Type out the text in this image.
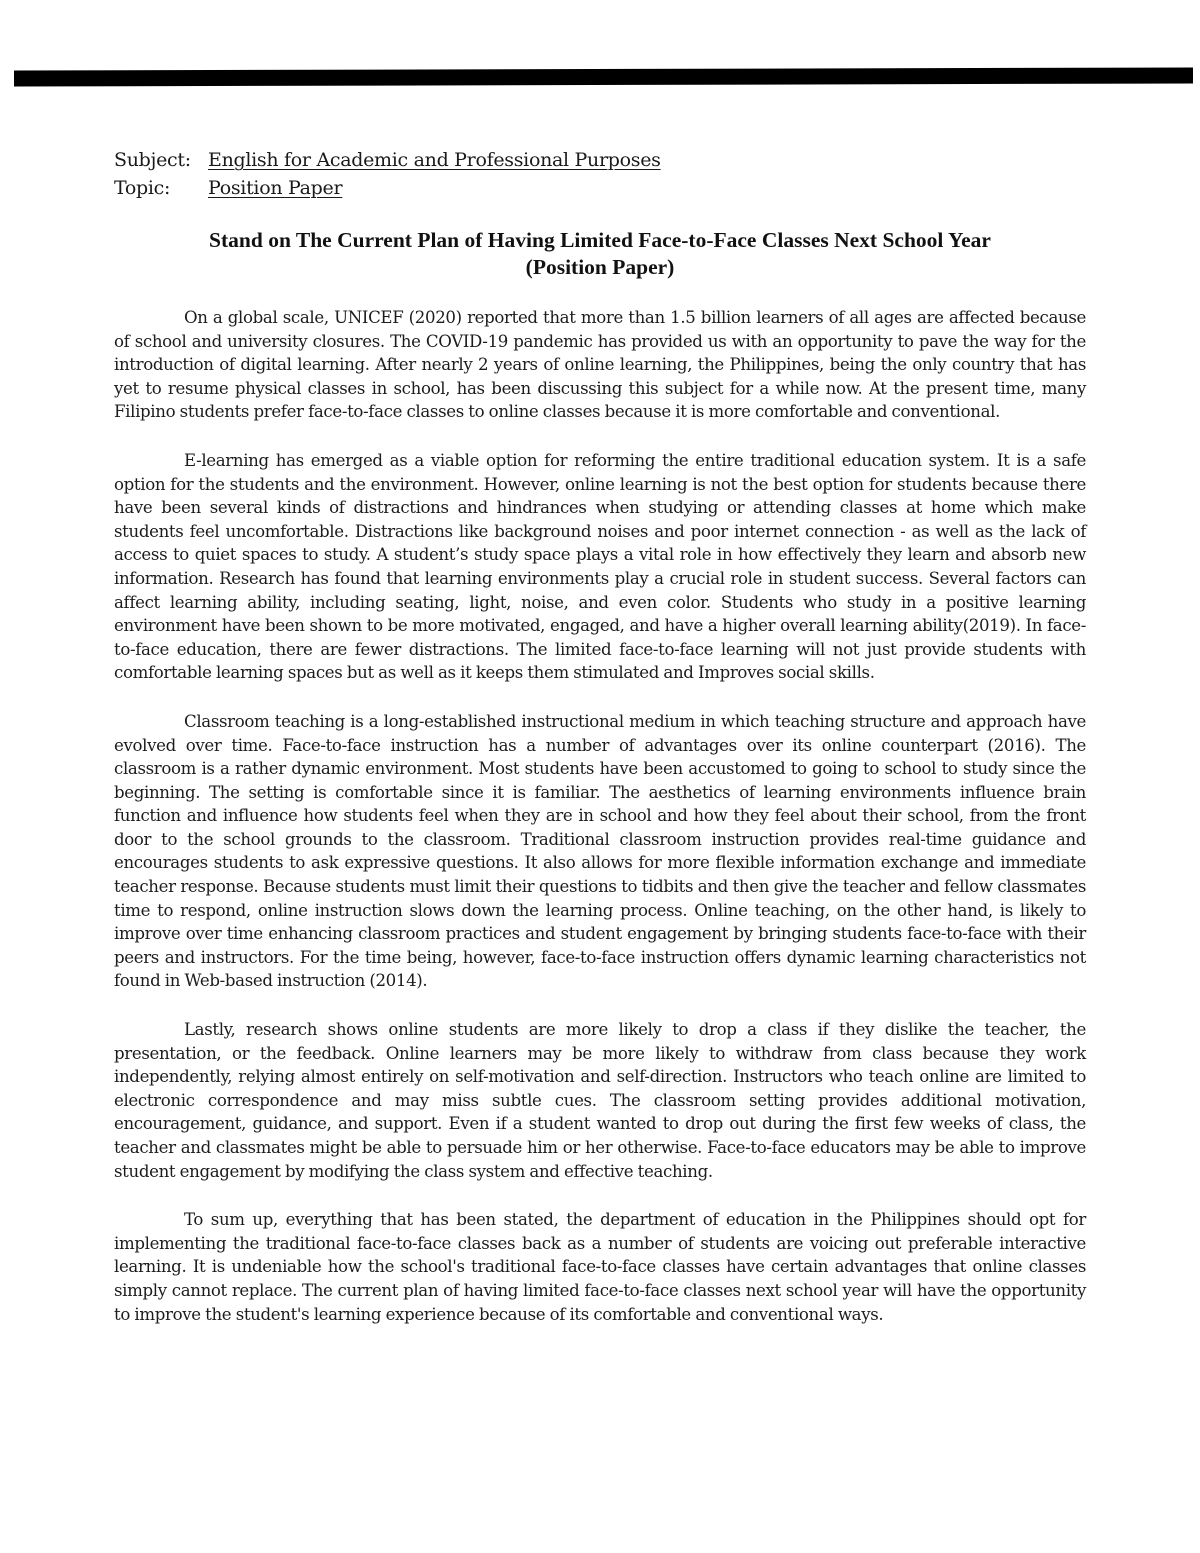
Subject: English for Academic and Professional Purposes
Topic:	Position Paper
Stand on The Current Plan of Having Limited Face-to-Face Classes Next School Year
(Position Paper)

On a global scale, UNICEF (2020) reported that more than 1.5 billion learners of all ages are affected because of school and university closures. The COVID-19 pandemic has provided us with an opportunity to pave the way for the introduction of digital learning. After nearly 2 years of online learning, the Philippines, being the only country that has yet to resume physical classes in school, has been discussing this subject for a while now. At the present time, many Filipino students prefer face-to-face classes to online classes because it is more comfortable and conventional.

E-learning has emerged as a viable option for reforming the entire traditional education system. It is a safe option for the students and the environment. However, online learning is not the best option for students because there have been several kinds of distractions and hindrances when studying or attending classes at home which make students feel uncomfortable. Distractions like background noises and poor internet connection - as well as the lack of access to quiet spaces to study. A student’s study space plays a vital role in how effectively they learn and absorb new information. Research has found that learning environments play a crucial role in student success. Several factors can affect learning ability, including seating, light, noise, and even color. Students who study in a positive learning environment have been shown to be more motivated, engaged, and have a higher overall learning ability(2019). In face-to-face education, there are fewer distractions. The limited face-to-face learning will not just provide students with comfortable learning spaces but as well as it keeps them stimulated and Improves social skills.

Classroom teaching is a long-established instructional medium in which teaching structure and approach have evolved over time. Face-to-face instruction has a number of advantages over its online counterpart (2016). The classroom is a rather dynamic environment. Most students have been accustomed to going to school to study since the beginning. The setting is comfortable since it is familiar. The aesthetics of learning environments influence brain function and influence how students feel when they are in school and how they feel about their school, from the front door to the school grounds to the classroom. Traditional classroom instruction provides real-time guidance and encourages students to ask expressive questions. It also allows for more flexible information exchange and immediate teacher response. Because students must limit their questions to tidbits and then give the teacher and fellow classmates time to respond, online instruction slows down the learning process. Online teaching, on the other hand, is likely to improve over time enhancing classroom practices and student engagement by bringing students face-to-face with their peers and instructors. For the time being, however, face-to-face instruction offers dynamic learning characteristics not found in Web-based instruction (2014).

Lastly, research shows online students are more likely to drop a class if they dislike the teacher, the presentation, or the feedback. Online learners may be more likely to withdraw from class because they work independently, relying almost entirely on self-motivation and self-direction. Instructors who teach online are limited to electronic correspondence and may miss subtle cues. The classroom setting provides additional motivation, encouragement, guidance, and support. Even if a student wanted to drop out during the first few weeks of class, the teacher and classmates might be able to persuade him or her otherwise. Face-to-face educators may be able to improve student engagement by modifying the class system and effective teaching.

To sum up, everything that has been stated, the department of education in the Philippines should opt for implementing the traditional face-to-face classes back as a number of students are voicing out preferable interactive learning. It is undeniable how the school's traditional face-to-face classes have certain advantages that online classes simply cannot replace. The current plan of having limited face-to-face classes next school year will have the opportunity to improve the student's learning experience because of its comfortable and conventional ways.
